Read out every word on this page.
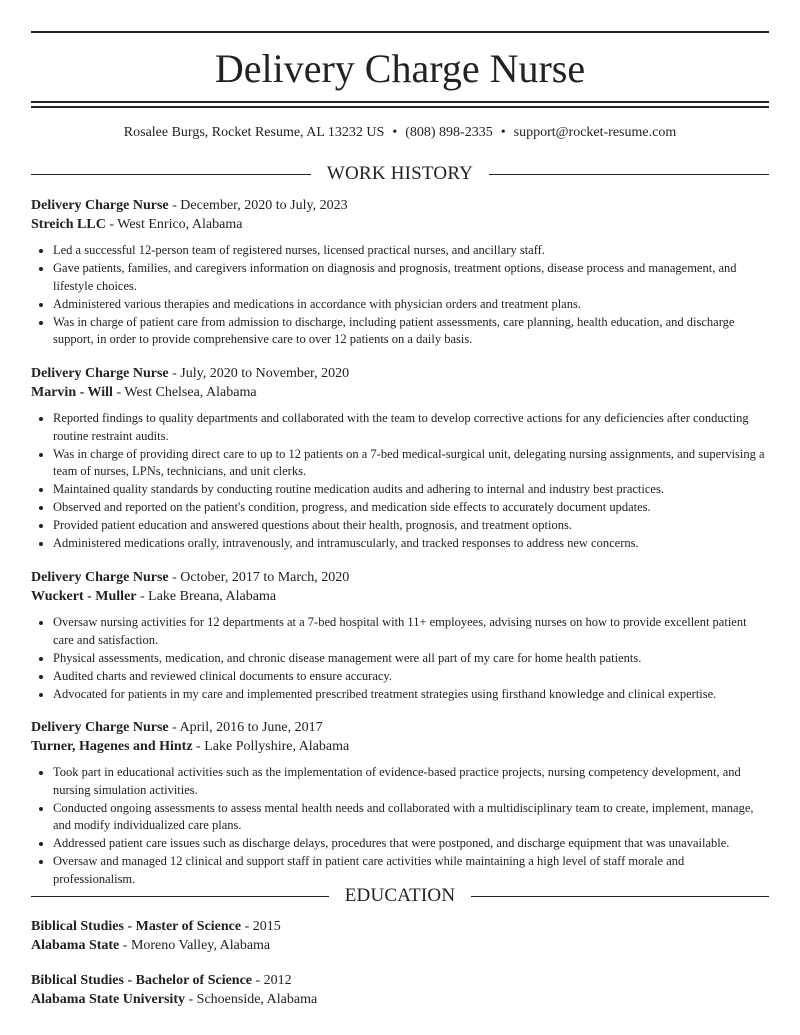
Delivery Charge Nurse
Rosalee Burgs, Rocket Resume, AL 13232 US • (808) 898-2335 • support@rocket-resume.com
WORK HISTORY

Delivery Charge Nurse - December, 2020 to July, 2023

Streich LLC - West Enrico, Alabama

• Led a successful 12-person team of registered nurses, licensed practical nurses, and ancillary staff.
• Gave patients, families, and caregivers information on diagnosis and prognosis, treatment options, disease process and management, and lifestyle choices.
• Administered various therapies and medications in accordance with physician orders and treatment plans.
• Was in charge of patient care from admission to discharge, including patient assessments, care planning, health education, and discharge support, in order to provide comprehensive care to over 12 patients on a daily basis.

Delivery Charge Nurse - July, 2020 to November, 2020

Marvin - Will - West Chelsea, Alabama

• Reported findings to quality departments and collaborated with the team to develop corrective actions for any deficiencies after conducting routine restraint audits.
• Was in charge of providing direct care to up to 12 patients on a 7-bed medical-surgical unit, delegating nursing assignments, and supervising a team of nurses, LPNs, technicians, and unit clerks.
• Maintained quality standards by conducting routine medication audits and adhering to internal and industry best practices.
• Observed and reported on the patient's condition, progress, and medication side effects to accurately document updates.
• Provided patient education and answered questions about their health, prognosis, and treatment options.
• Administered medications orally, intravenously, and intramuscularly, and tracked responses to address new concerns.

Delivery Charge Nurse - October, 2017 to March, 2020

Wuckert - Muller - Lake Breana, Alabama

• Oversaw nursing activities for 12 departments at a 7-bed hospital with 11+ employees, advising nurses on how to provide excellent patient care and satisfaction.
• Physical assessments, medication, and chronic disease management were all part of my care for home health patients.
• Audited charts and reviewed clinical documents to ensure accuracy.
• Advocated for patients in my care and implemented prescribed treatment strategies using firsthand knowledge and clinical expertise.

Delivery Charge Nurse - April, 2016 to June, 2017

Turner, Hagenes and Hintz - Lake Pollyshire, Alabama

• Took part in educational activities such as the implementation of evidence-based practice projects, nursing competency development, and nursing simulation activities.
• Conducted ongoing assessments to assess mental health needs and collaborated with a multidisciplinary team to create, implement, manage, and modify individualized care plans.
• Addressed patient care issues such as discharge delays, procedures that were postponed, and discharge equipment that was unavailable.
• Oversaw and managed 12 clinical and support staff in patient care activities while maintaining a high level of staff morale and professionalism.
EDUCATION

Biblical Studies - Master of Science - 2015

Alabama State - Moreno Valley, Alabama

Biblical Studies - Bachelor of Science - 2012

Alabama State University - Schoenside, Alabama
